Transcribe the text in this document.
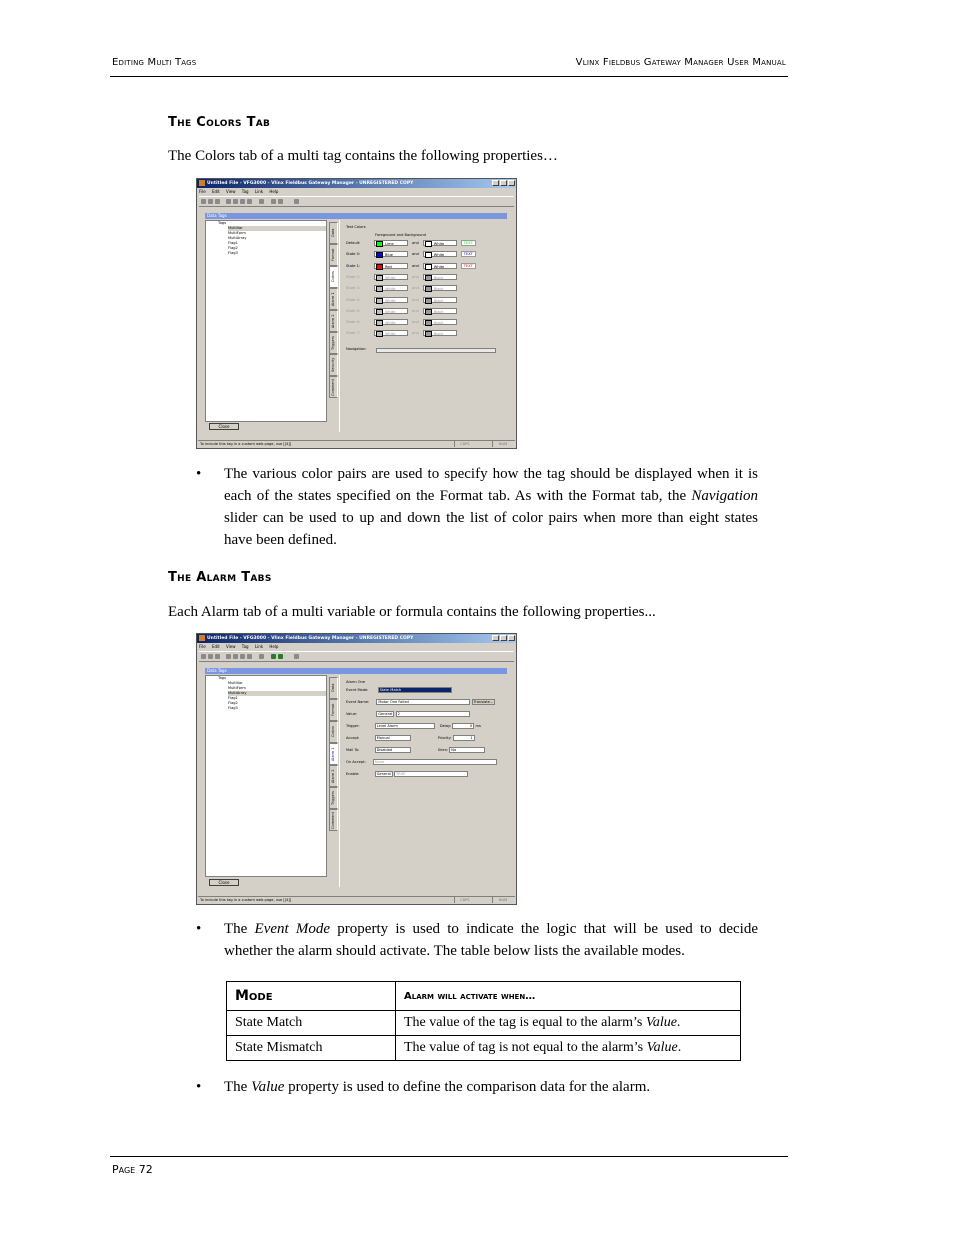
Editing Multi Tags	Vlinx Fieldbus Gateway Manager User Manual
The Colors Tab

The Colors tab of a multi tag contains the following properties…

Untitled File - VFG3000 - Vlinx Fieldbus Gateway Manager - UNREGISTERED COPY
File Edit View Tag Link Help
Data Tags
Tags
MultiVar
MultiForm
MultiArray
Flag1
Flag2
Flag3
Close
Data
Format
Colors
Alarm 1
Alarm 2
Triggers
Security
Comment
Text Colors
Foreground and Background
Default:	Lime	and	White	TEXT
State 0:	Blue	and	White	TEXT
State 1:	Red	and	White	TEXT
State 2:	White	and	Black
State 3:	White	and	Black
State 4:	White	and	Black
State 5:	White	and	Black
State 6:	White	and	Black
State 7:	White	and	Black
Navigation:
To include this tag in a custom web page, use [[4]]	CAPS	NUM
• The various color pairs are used to specify how the tag should be displayed when it is each of the states specified on the Format tab. As with the Format tab, the Navigation slider can be used to up and down the list of color pairs when more than eight states have been defined.
The Alarm Tabs

Each Alarm tab of a multi variable or formula contains the following properties...

Untitled File - VFG3000 - Vlinx Fieldbus Gateway Manager - UNREGISTERED COPY
File Edit View Tag Link Help
Data Tags
Tags
MultiVar
MultiForm
MultiArray
Flag1
Flag2
Flag3
Close
Data
Format
Colors
Alarm 1
Alarm 2
Triggers
Comment
Alarm One
Event Mode:	State Match
Event Name:	Motor One Failed	Translate...
Value:	General 2
Trigger:	Level Alarm	Delay:	0 ms
Accept:	Manual	Priority:	1
Mail To:	Disabled	Siren: No
On Accept:	None
Enable:	General TRUE
To include this tag in a custom web page, use [[4]]	CAPS	NUM
• The Event Mode property is used to indicate the logic that will be used to decide whether the alarm should activate. The table below lists the available modes.
Mode	Alarm will activate when…
State Match	The value of the tag is equal to the alarm’s Value.
State Mismatch	The value of tag is not equal to the alarm’s Value.
• The Value property is used to define the comparison data for the alarm.
Page 72
